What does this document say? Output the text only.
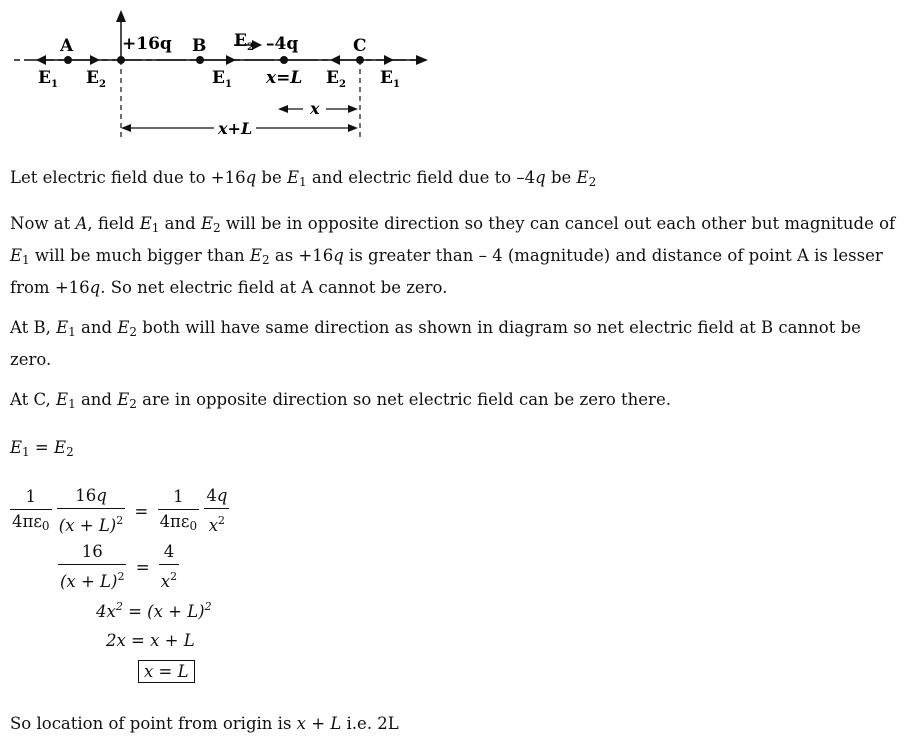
A	+16q B	–4q	C
$E_1$ $E_2$
$E_2$
$E_1$ x=L $E_2$ $E_1$
x
x+L

Let electric field due to +16q be $E_1$ and electric field due to –4q be $E_2$

Now at A, field $E_1$ and $E_2$ will be in opposite direction so they can cancel out each other but magnitude of $E_1$ will be much bigger than $E_2$ as +16q is greater than – 4 (magnitude) and distance of point A is lesser from +16q. So net electric field at A cannot be zero.

At B, $E_1$ and $E_2$ both will have same direction as shown in diagram so net electric field at B cannot be zero.

At C, $E_1$ and $E_2$ are in opposite direction so net electric field can be zero there.

$E_1 = E_2$

$\frac{1}{4\pi\varepsilon_0}$
$\frac{16q}{(x + L)^2} = \frac{1}{4\pi\varepsilon_0}$
$\frac{4q}{x^2}$
$\frac{16}{(x + L)^2} = \frac{4}{x^2}$
$4x^2 = (x + L)^2$
2x = x + L
x = L

So location of point from origin is x + L i.e. 2L
